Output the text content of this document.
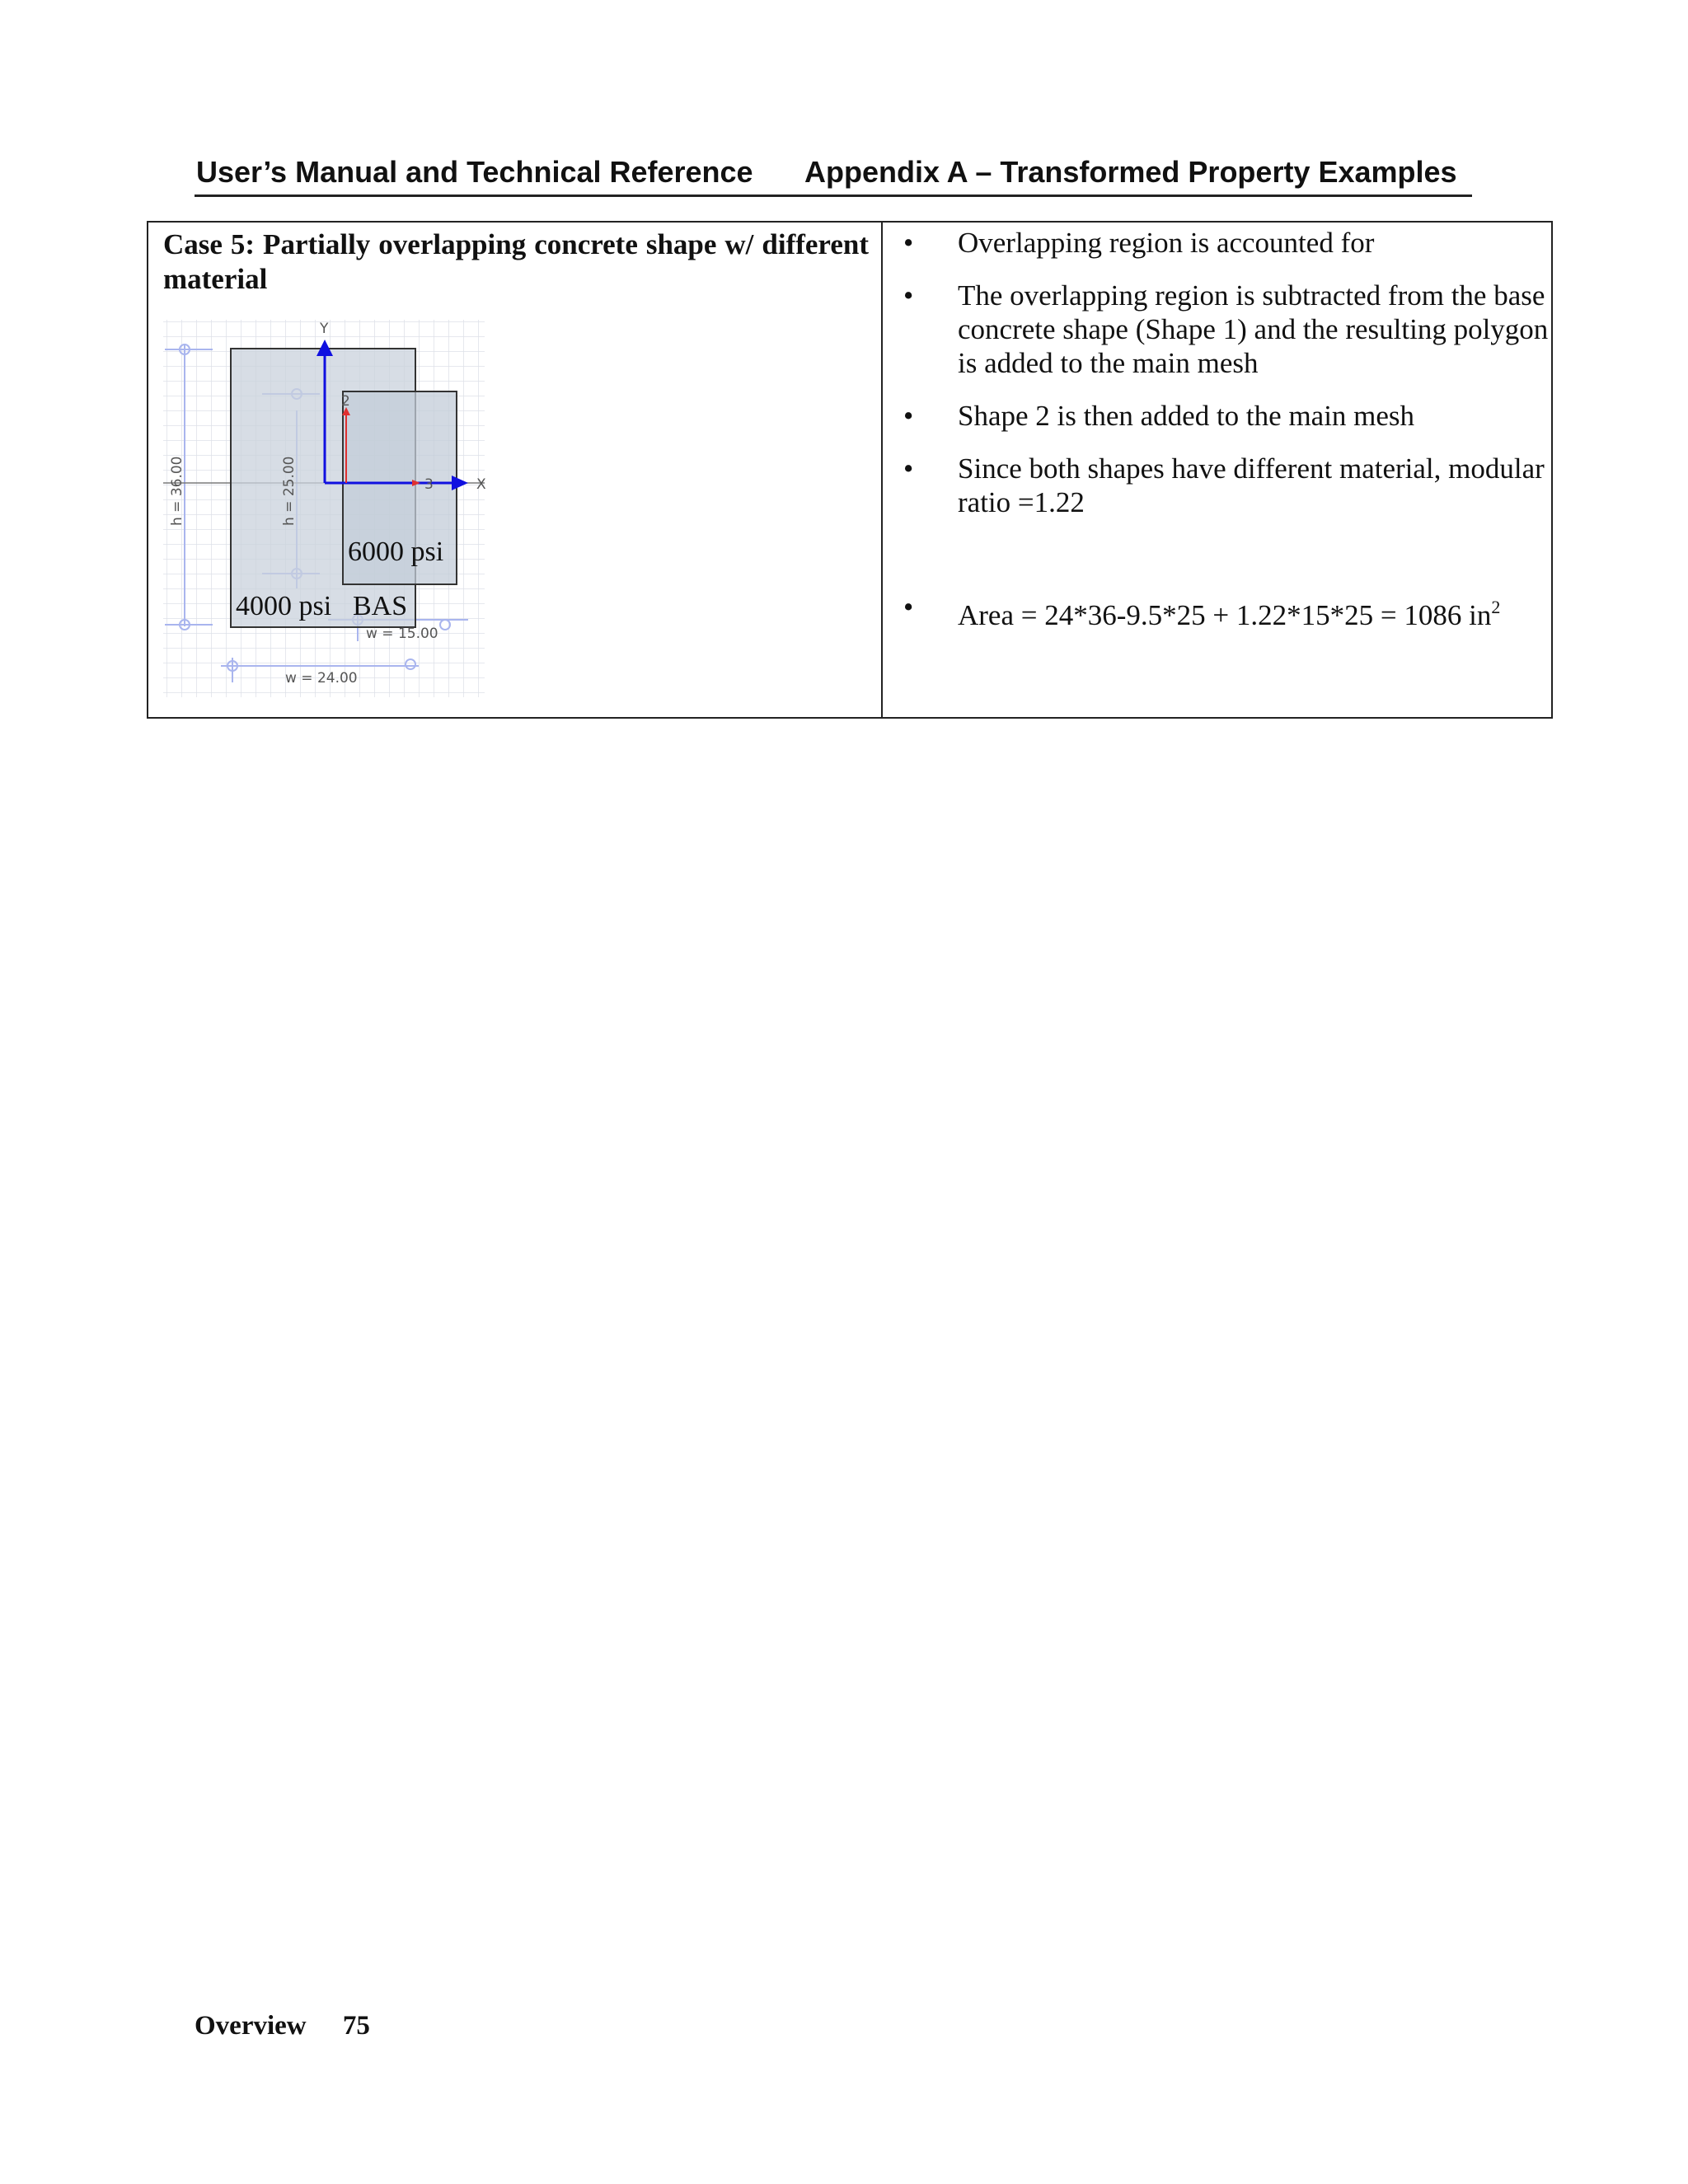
User’s Manual and Technical Reference Appendix A – Transformed Property Examples
Case 5: Partially overlapping concrete shape w/ different material
Y
X
2
3
h = 36.00	h = 25.00
w = 15.00
w = 24.00
6000 psi
4000 psi BAS
• Overlapping region is accounted for
• The overlapping region is subtracted from the base concrete shape (Shape 1) and the resulting polygon is added to the main mesh
• Shape 2 is then added to the main mesh
• Since both shapes have different material, modular ratio =1.22
• Area = 24*36-9.5*25 + 1.22*15*25 = 1086 $in^2$
Overview 75
